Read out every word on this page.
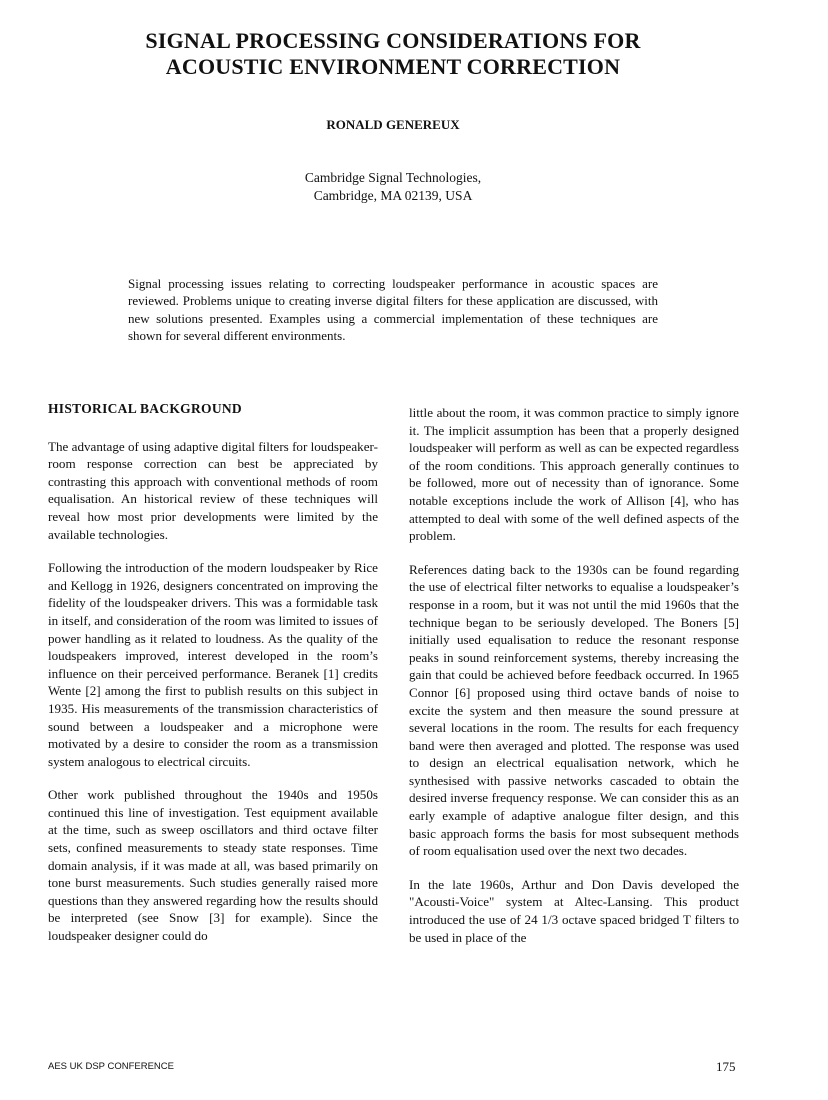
SIGNAL PROCESSING CONSIDERATIONS FOR
ACOUSTIC ENVIRONMENT CORRECTION
RONALD GENEREUX
Cambridge Signal Technologies,
Cambridge, MA 02139, USA
Signal processing issues relating to correcting loudspeaker performance in acoustic spaces are reviewed. Problems unique to creating inverse digital filters for these application are discussed, with new solutions presented. Examples using a commercial implementation of these techniques are shown for several different environments.
HISTORICAL BACKGROUND

The advantage of using adaptive digital filters for loudspeaker-room response correction can best be appreciated by contrasting this approach with conventional methods of room equalisation. An historical review of these techniques will reveal how most prior developments were limited by the available technologies.

Following the introduction of the modern loudspeaker by Rice and Kellogg in 1926, designers concentrated on improving the fidelity of the loudspeaker drivers. This was a formidable task in itself, and consideration of the room was limited to issues of power handling as it related to loudness. As the quality of the loudspeakers improved, interest developed in the room’s influence on their perceived performance. Beranek [1] credits Wente [2] among the first to publish results on this subject in 1935. His measurements of the transmission characteristics of sound between a loudspeaker and a microphone were motivated by a desire to consider the room as a transmission system analogous to electrical circuits.

Other work published throughout the 1940s and 1950s continued this line of investigation. Test equipment available at the time, such as sweep oscillators and third octave filter sets, confined measurements to steady state responses. Time domain analysis, if it was made at all, was based primarily on tone burst measurements. Such studies generally raised more questions than they answered regarding how the results should be interpreted (see Snow [3] for example). Since the loudspeaker designer could do

little about the room, it was common practice to simply ignore it. The implicit assumption has been that a properly designed loudspeaker will perform as well as can be expected regardless of the room conditions. This approach generally continues to be followed, more out of necessity than of ignorance. Some notable exceptions include the work of Allison [4], who has attempted to deal with some of the well defined aspects of the problem.

References dating back to the 1930s can be found regarding the use of electrical filter networks to equalise a loudspeaker’s response in a room, but it was not until the mid 1960s that the technique began to be seriously developed. The Boners [5] initially used equalisation to reduce the resonant response peaks in sound reinforcement systems, thereby increasing the gain that could be achieved before feedback occurred. In 1965 Connor [6] proposed using third octave bands of noise to excite the system and then measure the sound pressure at several locations in the room. The results for each frequency band were then averaged and plotted. The response was used to design an electrical equalisation network, which he synthesised with passive networks cascaded to obtain the desired inverse frequency response. We can consider this as an early example of adaptive analogue filter design, and this basic approach forms the basis for most subsequent methods of room equalisation used over the next two decades.

In the late 1960s, Arthur and Don Davis developed the "Acousti-Voice" system at Altec-Lansing. This product introduced the use of 24 1/3 octave spaced bridged T filters to be used in place of the

AES UK DSP CONFERENCE	175
